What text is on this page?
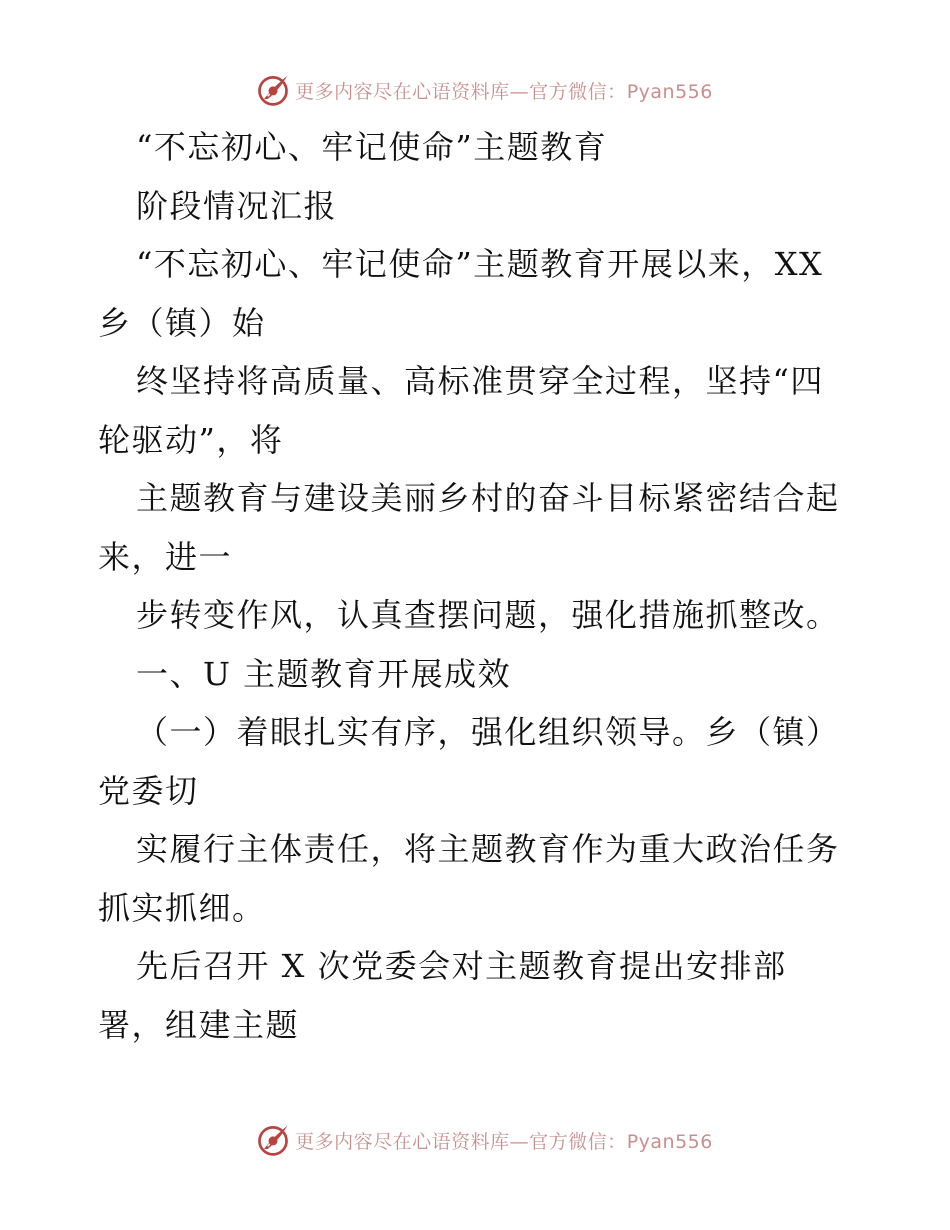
更多内容尽在心语资料库—官方微信：Pyan556
“不忘初心、牢记使命”主题教育
阶段情况汇报
“不忘初心、牢记使命”主题教育开展以来，XX
乡（镇）始
终坚持将高质量、高标准贯穿全过程，坚持“四
轮驱动”，将
主题教育与建设美丽乡村的奋斗目标紧密结合起
来，进一
步转变作风，认真查摆问题，强化措施抓整改。
一、U 主题教育开展成效
（一）着眼扎实有序，强化组织领导。乡（镇）
党委切
实履行主体责任，将主题教育作为重大政治任务
抓实抓细。
先后召开 X 次党委会对主题教育提出安排部
署，组建主题
更多内容尽在心语资料库—官方微信：Pyan556
